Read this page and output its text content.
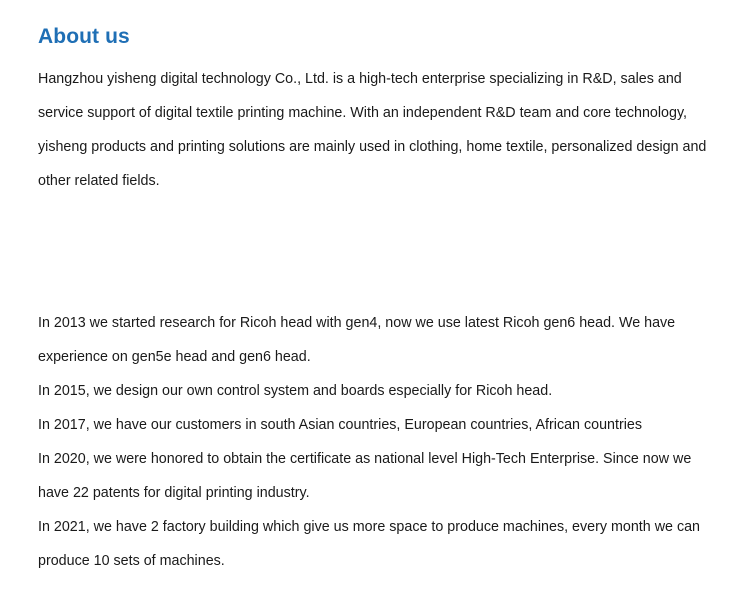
About us

Hangzhou yisheng digital technology Co., Ltd. is a high-tech enterprise specializing in R&D, sales and service support of digital textile printing machine. With an independent R&D team and core technology, yisheng products and printing solutions are mainly used in clothing, home textile, personalized design and other related fields.

In 2013 we started research for Ricoh head with gen4, now we use latest Ricoh gen6 head. We have experience on gen5e head and gen6 head.

In 2015, we design our own control system and boards especially for Ricoh head.

In 2017, we have our customers in south Asian countries, European countries, African countries

In 2020, we were honored to obtain the certificate as national level High-Tech Enterprise. Since now we have 22 patents for digital printing industry.

In 2021, we have 2 factory building which give us more space to produce machines, every month we can produce 10 sets of machines.
